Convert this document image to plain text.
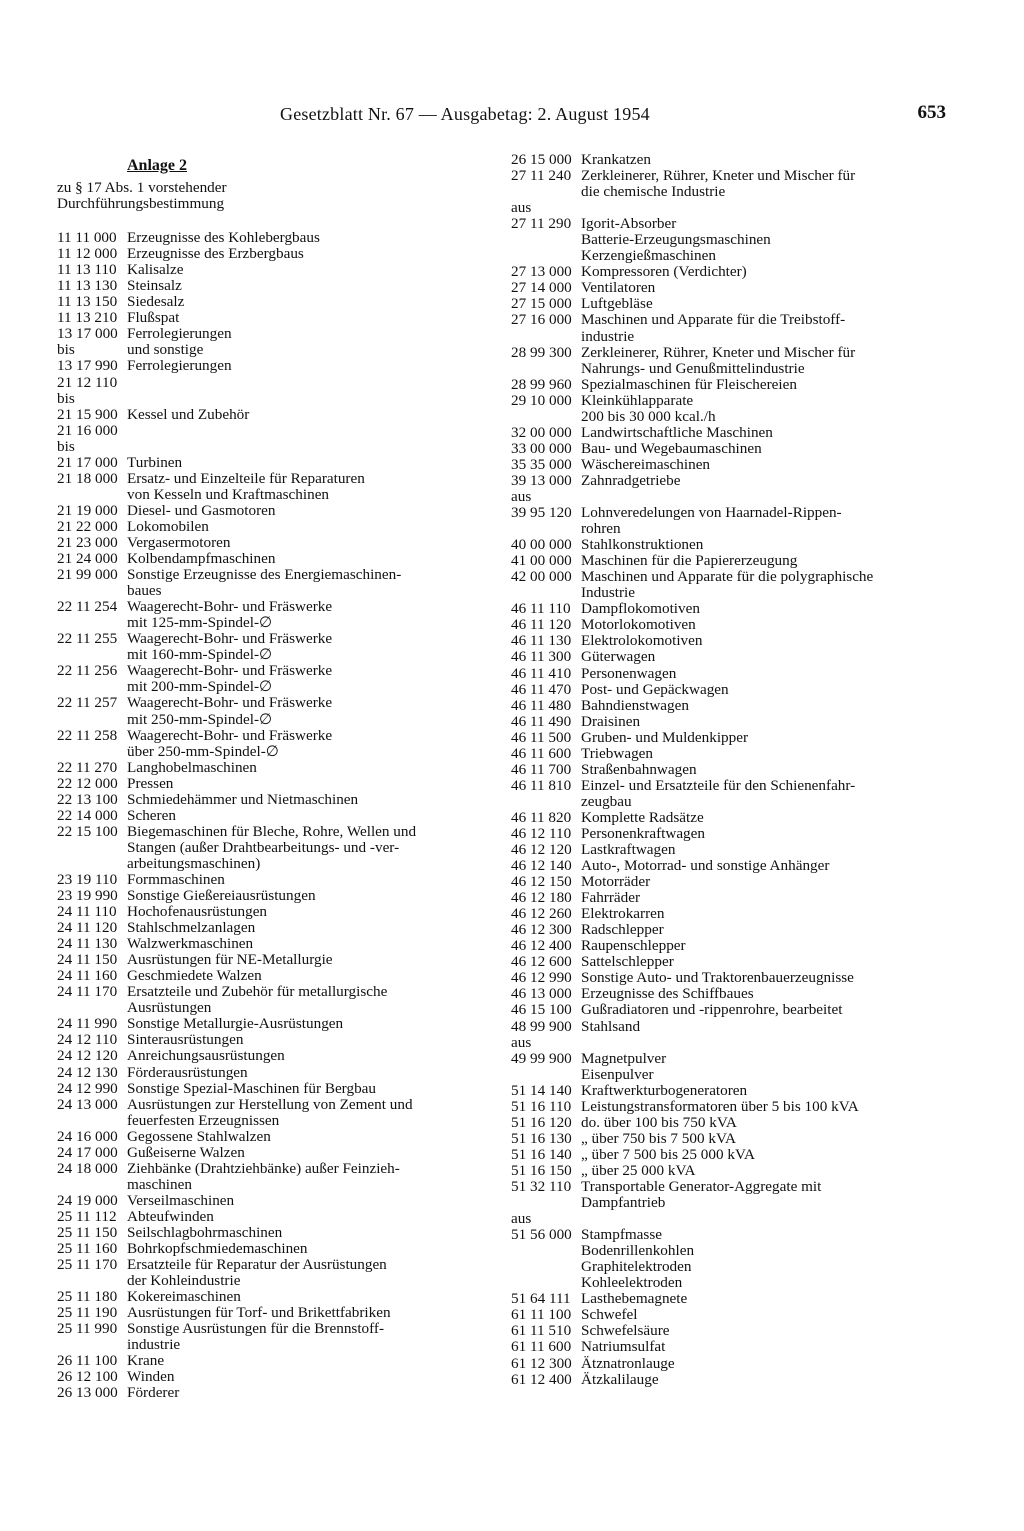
Gesetzblatt Nr. 67 — Ausgabetag: 2. August 1954	653
Anlage 2
zu § 17 Abs. 1 vorstehender
Durchführungsbestimmung
11 11 000 Erzeugnisse des Kohlebergbaus
11 12 000 Erzeugnisse des Erzbergbaus
11 13 110 Kalisalze
11 13 130 Steinsalz
11 13 150 Siedesalz
11 13 210 Flußspat
13 17 000 Ferrolegierungen
bis	und sonstige
13 17 990 Ferrolegierungen
21 12 110

bis

21 15 900 Kessel und Zubehör
21 16 000

bis

21 17 000 Turbinen
21 18 000 Ersatz- und Einzelteile für Reparaturen
von Kesseln und Kraftmaschinen
21 19 000 Diesel- und Gasmotoren
21 22 000 Lokomobilen
21 23 000 Vergasermotoren
21 24 000 Kolbendampfmaschinen
21 99 000 Sonstige Erzeugnisse des Energiemaschinen-
baues
22 11 254 Waagerecht-Bohr- und Fräswerke
mit 125-mm-Spindel-∅
22 11 255 Waagerecht-Bohr- und Fräswerke
mit 160-mm-Spindel-∅
22 11 256 Waagerecht-Bohr- und Fräswerke
mit 200-mm-Spindel-∅
22 11 257 Waagerecht-Bohr- und Fräswerke
mit 250-mm-Spindel-∅
22 11 258 Waagerecht-Bohr- und Fräswerke
über 250-mm-Spindel-∅
22 11 270 Langhobelmaschinen
22 12 000 Pressen
22 13 100 Schmiedehämmer und Nietmaschinen
22 14 000 Scheren
22 15 100 Biegemaschinen für Bleche, Rohre, Wellen und
Stangen (außer Drahtbearbeitungs- und -ver-
arbeitungsmaschinen)
23 19 110 Formmaschinen
23 19 990 Sonstige Gießereiausrüstungen
24 11 110 Hochofenausrüstungen
24 11 120 Stahlschmelzanlagen
24 11 130 Walzwerkmaschinen
24 11 150 Ausrüstungen für NE-Metallurgie
24 11 160 Geschmiedete Walzen
24 11 170 Ersatzteile und Zubehör für metallurgische
Ausrüstungen
24 11 990 Sonstige Metallurgie-Ausrüstungen
24 12 110 Sinterausrüstungen
24 12 120 Anreichungsausrüstungen
24 12 130 Förderausrüstungen
24 12 990 Sonstige Spezial-Maschinen für Bergbau
24 13 000 Ausrüstungen zur Herstellung von Zement und
feuerfesten Erzeugnissen
24 16 000 Gegossene Stahlwalzen
24 17 000 Gußeiserne Walzen
24 18 000 Ziehbänke (Drahtziehbänke) außer Feinzieh-
maschinen
24 19 000 Verseilmaschinen
25 11 112 Abteufwinden
25 11 150 Seilschlagbohrmaschinen
25 11 160 Bohrkopfschmiedemaschinen
25 11 170 Ersatzteile für Reparatur der Ausrüstungen
der Kohleindustrie
25 11 180 Kokereimaschinen
25 11 190 Ausrüstungen für Torf- und Brikettfabriken
25 11 990 Sonstige Ausrüstungen für die Brennstoff-
industrie
26 11 100 Krane
26 12 100 Winden
26 13 000 Förderer
26 15 000 Krankatzen
27 11 240 Zerkleinerer, Rührer, Kneter und Mischer für
die chemische Industrie
aus

27 11 290 Igorit-Absorber
Batterie-Erzeugungsmaschinen
Kerzengießmaschinen
27 13 000 Kompressoren (Verdichter)
27 14 000 Ventilatoren
27 15 000 Luftgebläse
27 16 000 Maschinen und Apparate für die Treibstoff-
industrie
28 99 300 Zerkleinerer, Rührer, Kneter und Mischer für
Nahrungs- und Genußmittelindustrie
28 99 960 Spezialmaschinen für Fleischereien
29 10 000 Kleinkühlapparate
200 bis 30 000 kcal./h
32 00 000 Landwirtschaftliche Maschinen
33 00 000 Bau- und Wegebaumaschinen
35 35 000 Wäschereimaschinen
39 13 000 Zahnradgetriebe
aus

39 95 120 Lohnveredelungen von Haarnadel-Rippen-
rohren
40 00 000 Stahlkonstruktionen
41 00 000 Maschinen für die Papiererzeugung
42 00 000 Maschinen und Apparate für die polygraphische
Industrie
46 11 110 Dampflokomotiven
46 11 120 Motorlokomotiven
46 11 130 Elektrolokomotiven
46 11 300 Güterwagen
46 11 410 Personenwagen
46 11 470 Post- und Gepäckwagen
46 11 480 Bahndienstwagen
46 11 490 Draisinen
46 11 500 Gruben- und Muldenkipper
46 11 600 Triebwagen
46 11 700 Straßenbahnwagen
46 11 810 Einzel- und Ersatzteile für den Schienenfahr-
zeugbau
46 11 820 Komplette Radsätze
46 12 110 Personenkraftwagen
46 12 120 Lastkraftwagen
46 12 140 Auto-, Motorrad- und sonstige Anhänger
46 12 150 Motorräder
46 12 180 Fahrräder
46 12 260 Elektrokarren
46 12 300 Radschlepper
46 12 400 Raupenschlepper
46 12 600 Sattelschlepper
46 12 990 Sonstige Auto- und Traktorenbauerzeugnisse
46 13 000 Erzeugnisse des Schiffbaues
46 15 100 Gußradiatoren und -rippenrohre, bearbeitet
48 99 900 Stahlsand
aus

49 99 900 Magnetpulver
Eisenpulver
51 14 140 Kraftwerkturbogeneratoren
51 16 110 Leistungstransformatoren über 5 bis 100 kVA
51 16 120 do. über 100 bis 750 kVA
51 16 130 „ über 750 bis 7 500 kVA
51 16 140 „ über 7 500 bis 25 000 kVA
51 16 150 „ über 25 000 kVA
51 32 110 Transportable Generator-Aggregate mit
Dampfantrieb
aus

51 56 000 Stampfmasse
Bodenrillenkohlen
Graphitelektroden
Kohleelektroden
51 64 111 Lasthebemagnete
61 11 100 Schwefel
61 11 510 Schwefelsäure
61 11 600 Natriumsulfat
61 12 300 Ätznatronlauge
61 12 400 Ätzkalilauge
